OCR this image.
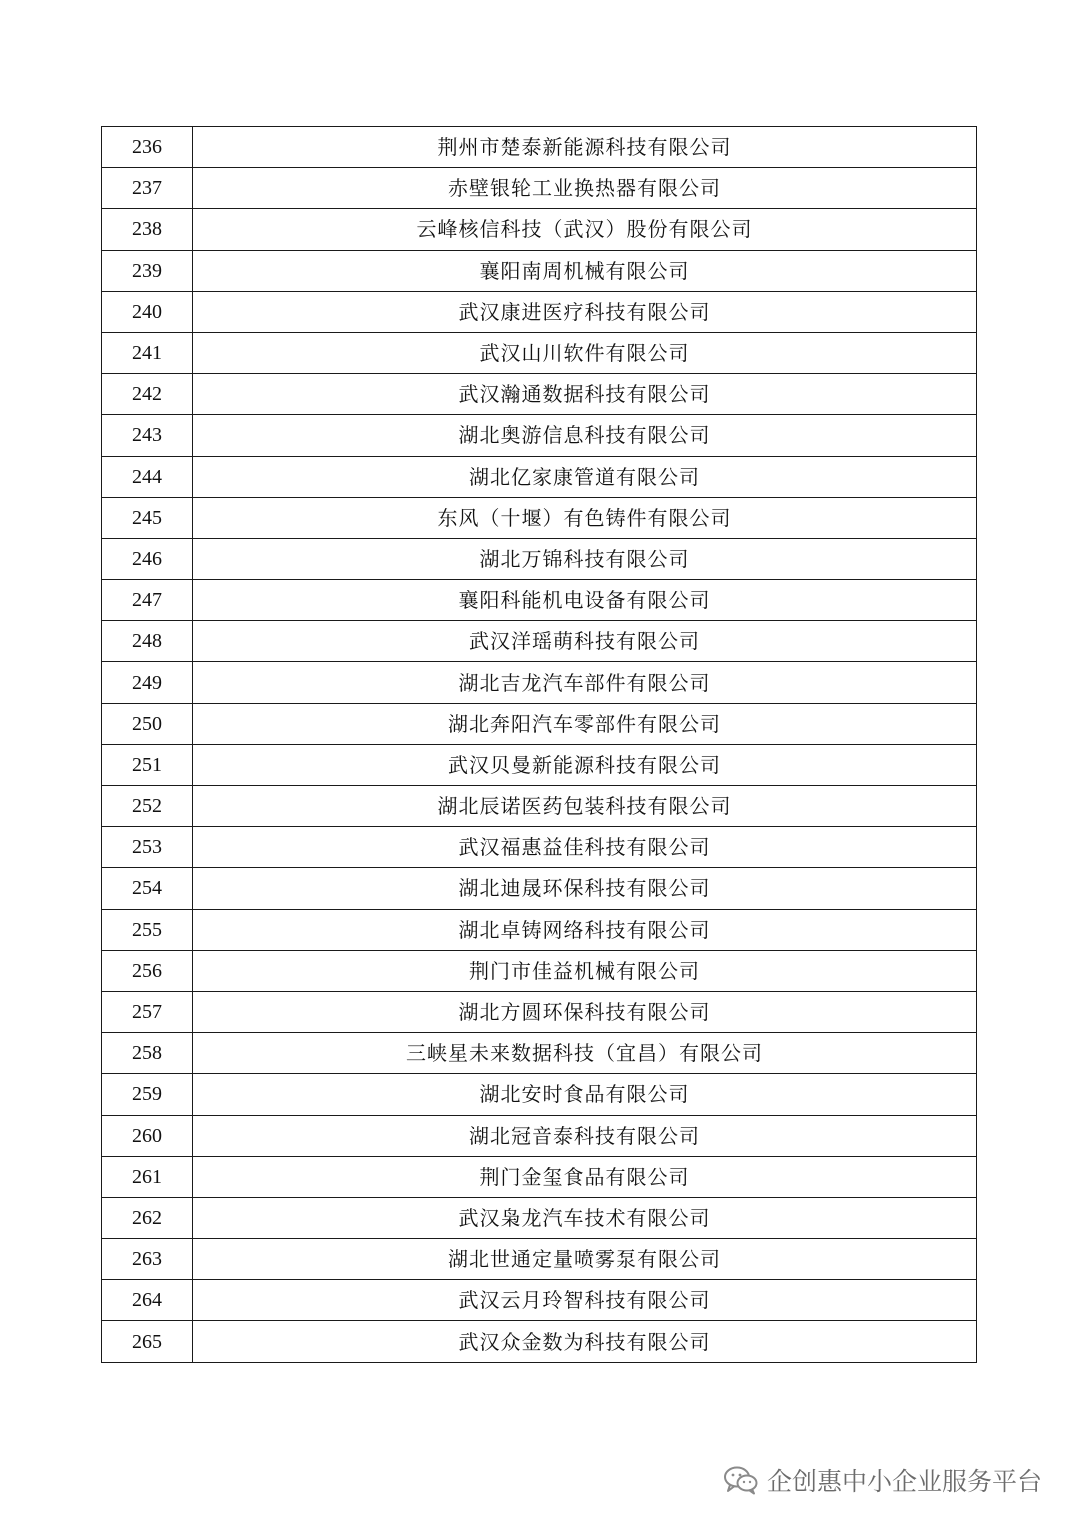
236	荆州市楚泰新能源科技有限公司
237	赤壁银轮工业换热器有限公司
238	云峰核信科技（武汉）股份有限公司
239	襄阳南周机械有限公司
240	武汉康进医疗科技有限公司
241	武汉山川软件有限公司
242	武汉瀚通数据科技有限公司
243	湖北奥游信息科技有限公司
244	湖北亿家康管道有限公司
245	东风（十堰）有色铸件有限公司
246	湖北万锦科技有限公司
247	襄阳科能机电设备有限公司
248	武汉洋瑶萌科技有限公司
249	湖北吉龙汽车部件有限公司
250	湖北奔阳汽车零部件有限公司
251	武汉贝曼新能源科技有限公司
252	湖北辰诺医药包装科技有限公司
253	武汉福惠益佳科技有限公司
254	湖北迪晟环保科技有限公司
255	湖北卓铸网络科技有限公司
256	荆门市佳益机械有限公司
257	湖北方圆环保科技有限公司
258	三峡星未来数据科技（宜昌）有限公司
259	湖北安时食品有限公司
260	湖北冠音泰科技有限公司
261	荆门金玺食品有限公司
262	武汉枭龙汽车技术有限公司
263	湖北世通定量喷雾泵有限公司
264	武汉云月玲智科技有限公司
265	武汉众金数为科技有限公司
企创惠中小企业服务平台
